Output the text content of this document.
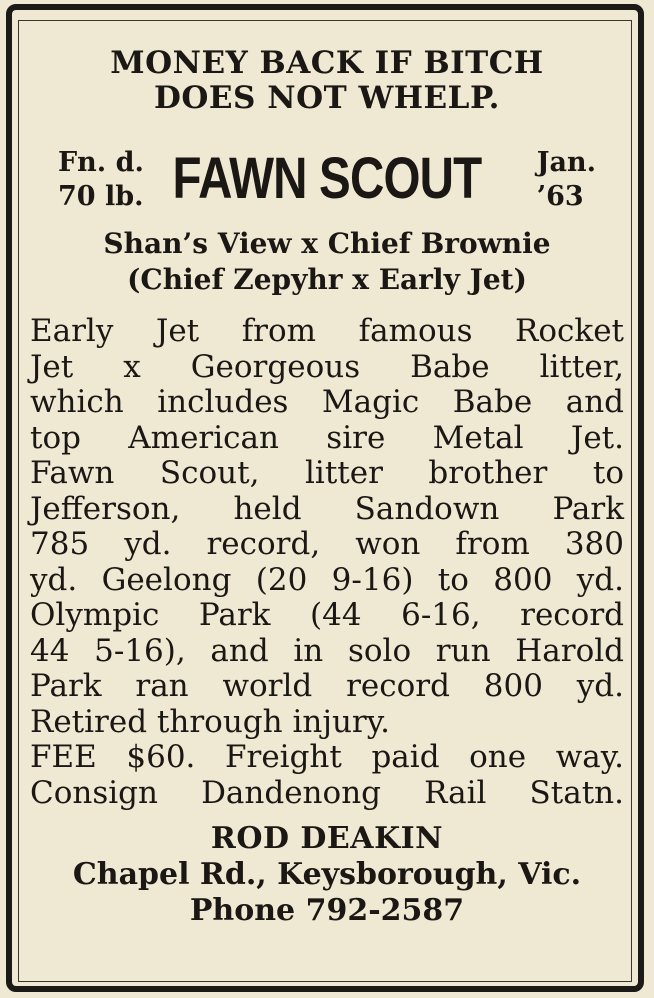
MONEY BACK IF BITCH
DOES NOT WHELP.
Fn. d.
70 lb. FAWN SCOUT	Jan.
’63
Shan’s View x Chief Brownie
(Chief Zepyhr x Early Jet)
Early Jet from famous Rocket
Jet x Georgeous Babe litter,
which includes Magic Babe and
top American sire Metal Jet.
Fawn Scout, litter brother to
Jefferson, held Sandown Park
785 yd. record, won from 380
yd. Geelong (20 9-16) to 800 yd.
Olympic Park (44 6-16, record
44 5-16), and in solo run Harold
Park ran world record 800 yd.
Retired through injury.
FEE $60. Freight paid one way.
Consign Dandenong Rail Statn.
ROD DEAKIN
Chapel Rd., Keysborough, Vic.
Phone 792-2587
